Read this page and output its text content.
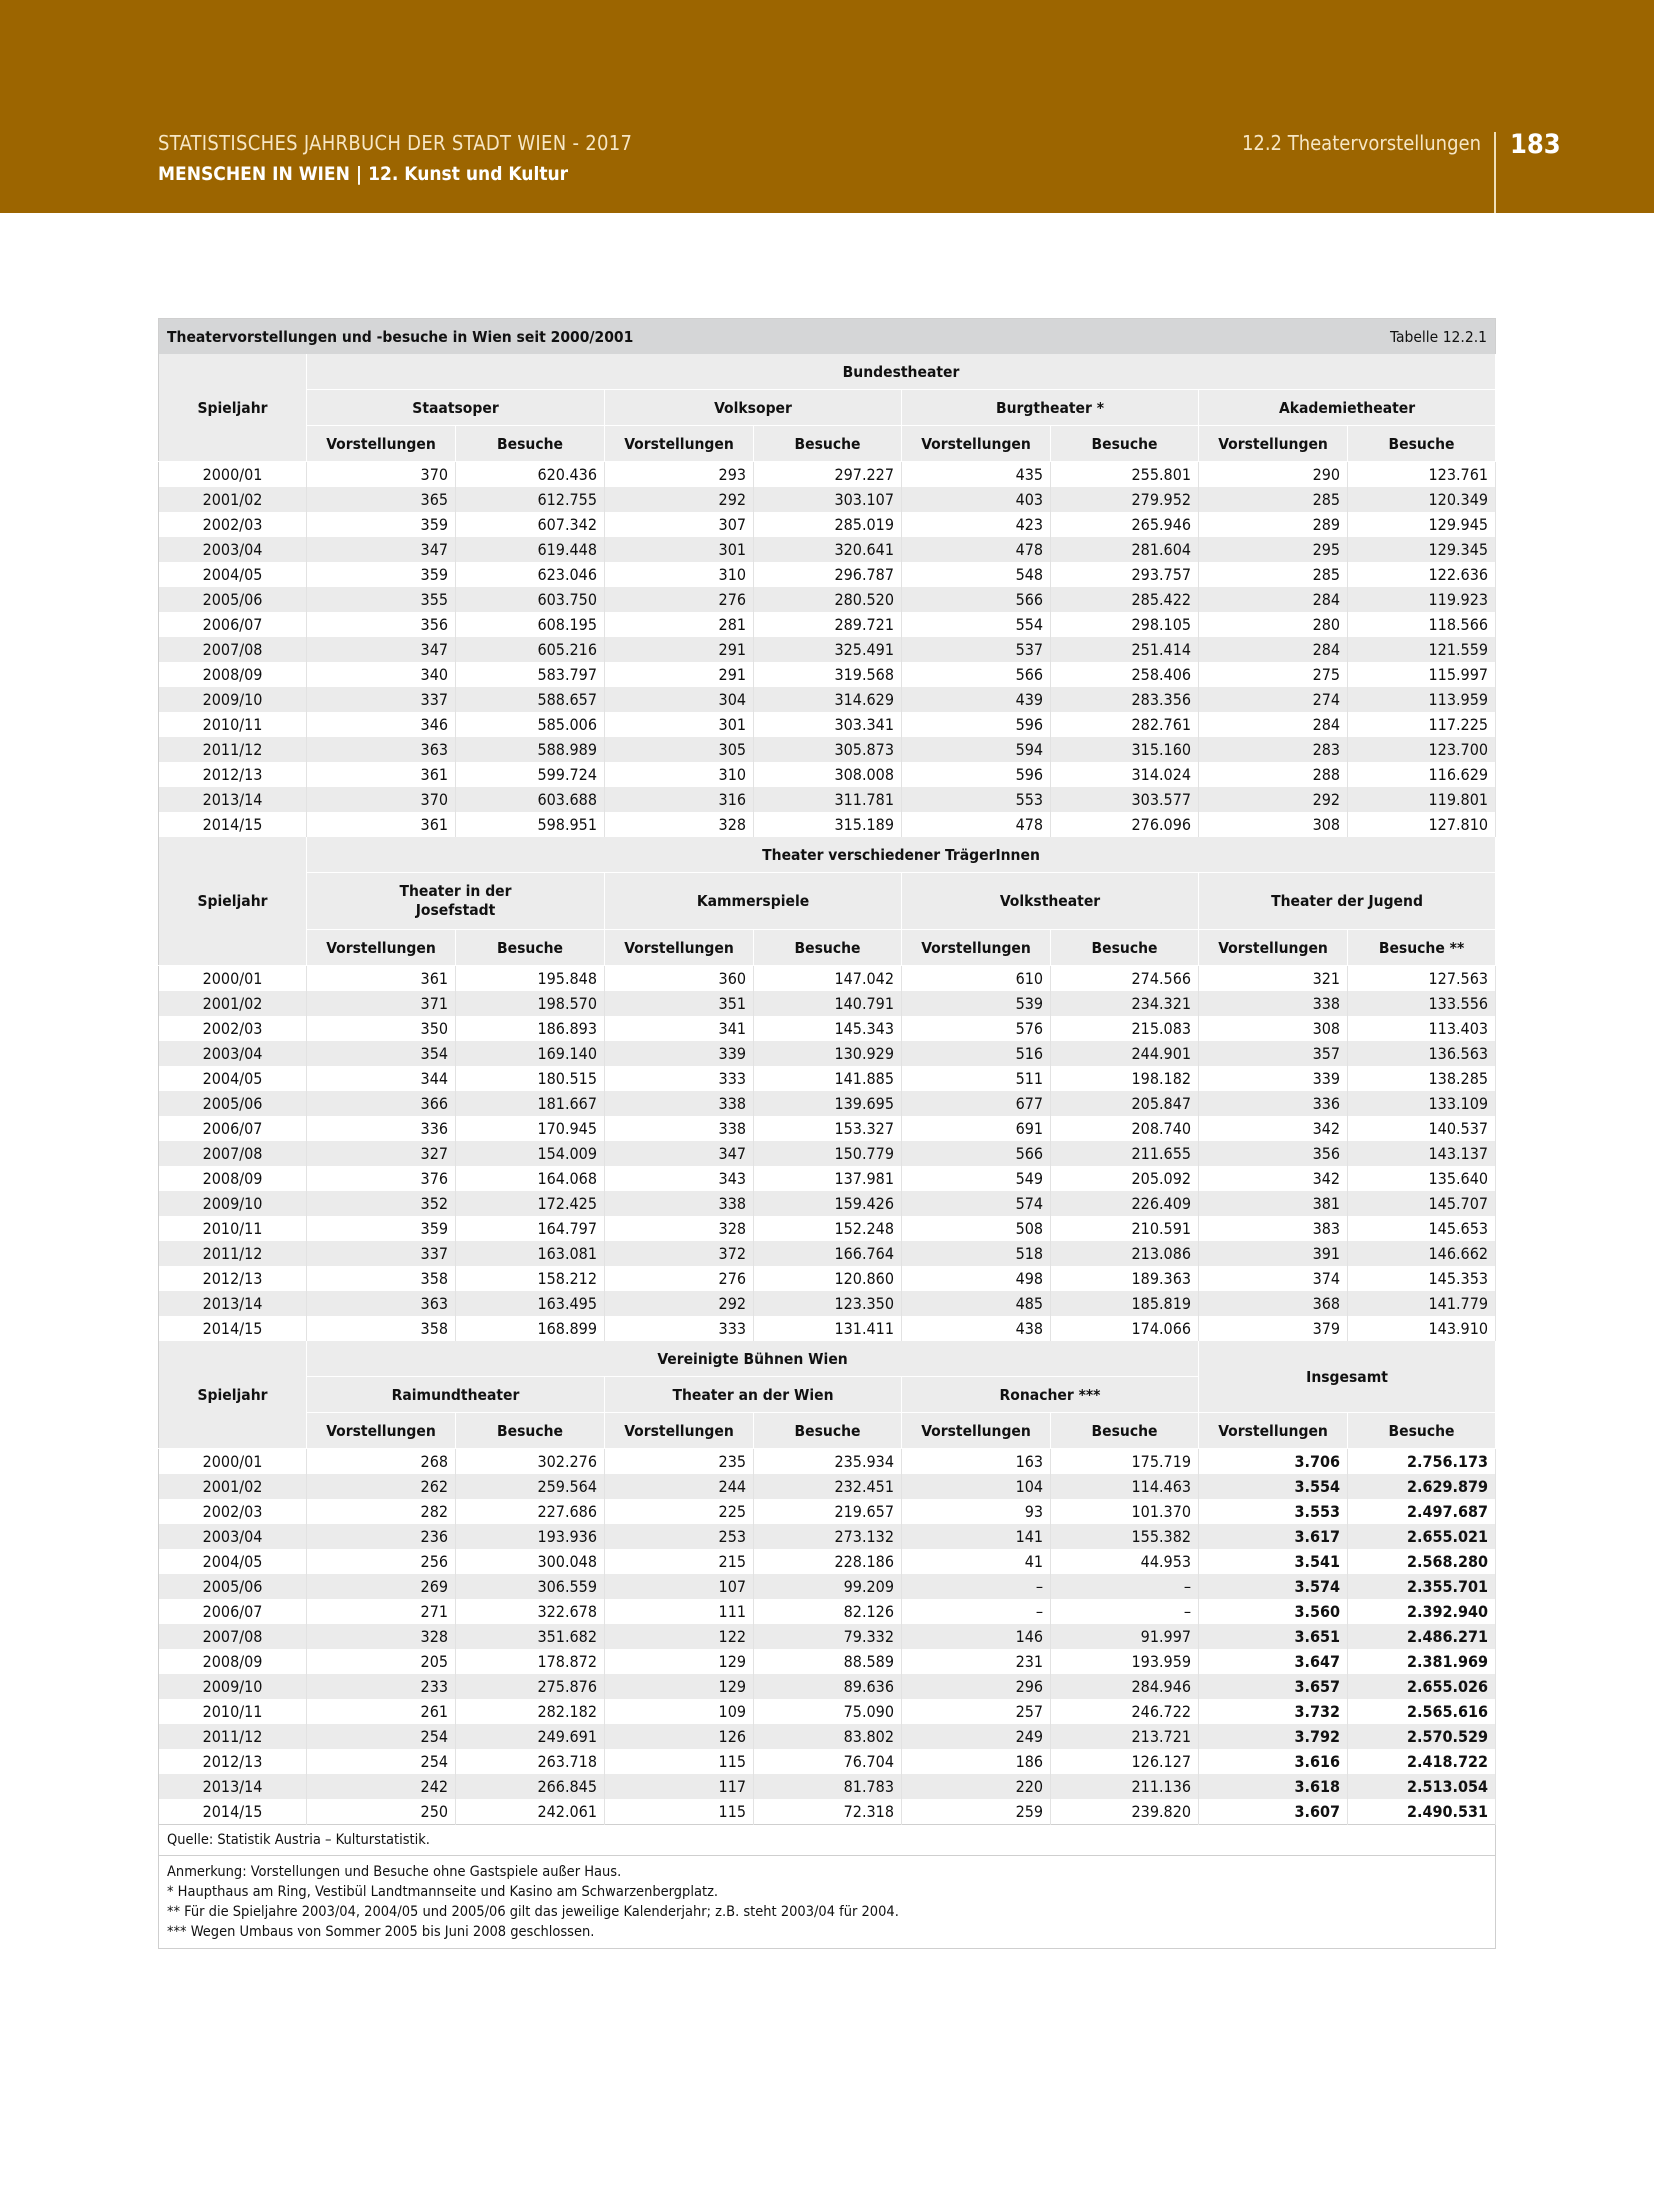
STATISTISCHES JAHRBUCH DER STADT WIEN - 2017
MENSCHEN IN WIEN | 12. Kunst und Kultur
12.2 Theatervorstellungen 183
Theatervorstellungen und -besuche in Wien seit 2000/2001						Tabelle 12.2.1		
Spieljahr	Bundestheater							
	Staatsoper		Volksoper		Burgtheater *		Akademietheater	
	Vorstellungen	Besuche	Vorstellungen	Besuche	Vorstellungen	Besuche	Vorstellungen	Besuche
2000/01	370	620.436	293	297.227	435	255.801	290	123.761
2001/02	365	612.755	292	303.107	403	279.952	285	120.349
2002/03	359	607.342	307	285.019	423	265.946	289	129.945
2003/04	347	619.448	301	320.641	478	281.604	295	129.345
2004/05	359	623.046	310	296.787	548	293.757	285	122.636
2005/06	355	603.750	276	280.520	566	285.422	284	119.923
2006/07	356	608.195	281	289.721	554	298.105	280	118.566
2007/08	347	605.216	291	325.491	537	251.414	284	121.559
2008/09	340	583.797	291	319.568	566	258.406	275	115.997
2009/10	337	588.657	304	314.629	439	283.356	274	113.959
2010/11	346	585.006	301	303.341	596	282.761	284	117.225
2011/12	363	588.989	305	305.873	594	315.160	283	123.700
2012/13	361	599.724	310	308.008	596	314.024	288	116.629
2013/14	370	603.688	316	311.781	553	303.577	292	119.801
2014/15	361	598.951	328	315.189	478	276.096	308	127.810
Spieljahr	Theater verschiedener TrägerInnen							

	Theater in der
Josefstadt		Kammerspiele		Volkstheater		Theater der Jugend	
	Vorstellungen	Besuche	Vorstellungen	Besuche	Vorstellungen	Besuche	Vorstellungen	Besuche **
2000/01	361	195.848	360	147.042	610	274.566	321	127.563
2001/02	371	198.570	351	140.791	539	234.321	338	133.556
2002/03	350	186.893	341	145.343	576	215.083	308	113.403
2003/04	354	169.140	339	130.929	516	244.901	357	136.563
2004/05	344	180.515	333	141.885	511	198.182	339	138.285
2005/06	366	181.667	338	139.695	677	205.847	336	133.109
2006/07	336	170.945	338	153.327	691	208.740	342	140.537
2007/08	327	154.009	347	150.779	566	211.655	356	143.137
2008/09	376	164.068	343	137.981	549	205.092	342	135.640
2009/10	352	172.425	338	159.426	574	226.409	381	145.707
2010/11	359	164.797	328	152.248	508	210.591	383	145.653
2011/12	337	163.081	372	166.764	518	213.086	391	146.662
2012/13	358	158.212	276	120.860	498	189.363	374	145.353
2013/14	363	163.495	292	123.350	485	185.819	368	141.779
2014/15	358	168.899	333	131.411	438	174.066	379	143.910
Spieljahr	Vereinigte Bühnen Wien						Insgesamt	
	Raimundtheater		Theater an der Wien		Ronacher ***			
	Vorstellungen	Besuche	Vorstellungen	Besuche	Vorstellungen	Besuche	Vorstellungen	Besuche
2000/01	268	302.276	235	235.934	163	175.719	3.706	2.756.173
2001/02	262	259.564	244	232.451	104	114.463	3.554	2.629.879
2002/03	282	227.686	225	219.657	93	101.370	3.553	2.497.687
2003/04	236	193.936	253	273.132	141	155.382	3.617	2.655.021
2004/05	256	300.048	215	228.186	41	44.953	3.541	2.568.280
2005/06	269	306.559	107	99.209	–	–	3.574	2.355.701
2006/07	271	322.678	111	82.126	–	–	3.560	2.392.940
2007/08	328	351.682	122	79.332	146	91.997	3.651	2.486.271
2008/09	205	178.872	129	88.589	231	193.959	3.647	2.381.969
2009/10	233	275.876	129	89.636	296	284.946	3.657	2.655.026
2010/11	261	282.182	109	75.090	257	246.722	3.732	2.565.616
2011/12	254	249.691	126	83.802	249	213.721	3.792	2.570.529
2012/13	254	263.718	115	76.704	186	126.127	3.616	2.418.722
2013/14	242	266.845	117	81.783	220	211.136	3.618	2.513.054
2014/15	250	242.061	115	72.318	259	239.820	3.607	2.490.531
Quelle: Statistik Austria – Kulturstatistik.								

Anmerkung: Vorstellungen und Besuche ohne Gastspiele außer Haus.
* Haupthaus am Ring, Vestibül Landtmannseite und Kasino am Schwarzenbergplatz.
** Für die Spieljahre 2003/04, 2004/05 und 2005/06 gilt das jeweilige Kalenderjahr; z.B. steht 2003/04 für 2004.
*** Wegen Umbaus von Sommer 2005 bis Juni 2008 geschlossen.								
